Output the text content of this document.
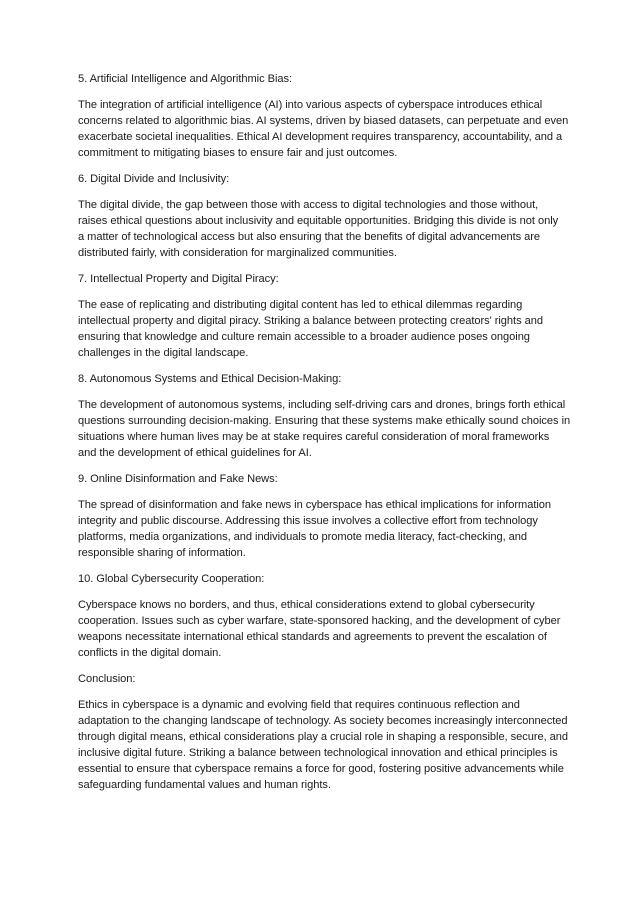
5. Artificial Intelligence and Algorithmic Bias:
The integration of artificial intelligence (AI) into various aspects of cyberspace introduces ethical
concerns related to algorithmic bias. AI systems, driven by biased datasets, can perpetuate and even
exacerbate societal inequalities. Ethical AI development requires transparency, accountability, and a
commitment to mitigating biases to ensure fair and just outcomes.
6. Digital Divide and Inclusivity:
The digital divide, the gap between those with access to digital technologies and those without,
raises ethical questions about inclusivity and equitable opportunities. Bridging this divide is not only
a matter of technological access but also ensuring that the benefits of digital advancements are
distributed fairly, with consideration for marginalized communities.
7. Intellectual Property and Digital Piracy:
The ease of replicating and distributing digital content has led to ethical dilemmas regarding
intellectual property and digital piracy. Striking a balance between protecting creators' rights and
ensuring that knowledge and culture remain accessible to a broader audience poses ongoing
challenges in the digital landscape.
8. Autonomous Systems and Ethical Decision-Making:
The development of autonomous systems, including self-driving cars and drones, brings forth ethical
questions surrounding decision-making. Ensuring that these systems make ethically sound choices in
situations where human lives may be at stake requires careful consideration of moral frameworks
and the development of ethical guidelines for AI.
9. Online Disinformation and Fake News:
The spread of disinformation and fake news in cyberspace has ethical implications for information
integrity and public discourse. Addressing this issue involves a collective effort from technology
platforms, media organizations, and individuals to promote media literacy, fact-checking, and
responsible sharing of information.
10. Global Cybersecurity Cooperation:
Cyberspace knows no borders, and thus, ethical considerations extend to global cybersecurity
cooperation. Issues such as cyber warfare, state-sponsored hacking, and the development of cyber
weapons necessitate international ethical standards and agreements to prevent the escalation of
conflicts in the digital domain.
Conclusion:
Ethics in cyberspace is a dynamic and evolving field that requires continuous reflection and
adaptation to the changing landscape of technology. As society becomes increasingly interconnected
through digital means, ethical considerations play a crucial role in shaping a responsible, secure, and
inclusive digital future. Striking a balance between technological innovation and ethical principles is
essential to ensure that cyberspace remains a force for good, fostering positive advancements while
safeguarding fundamental values and human rights.
